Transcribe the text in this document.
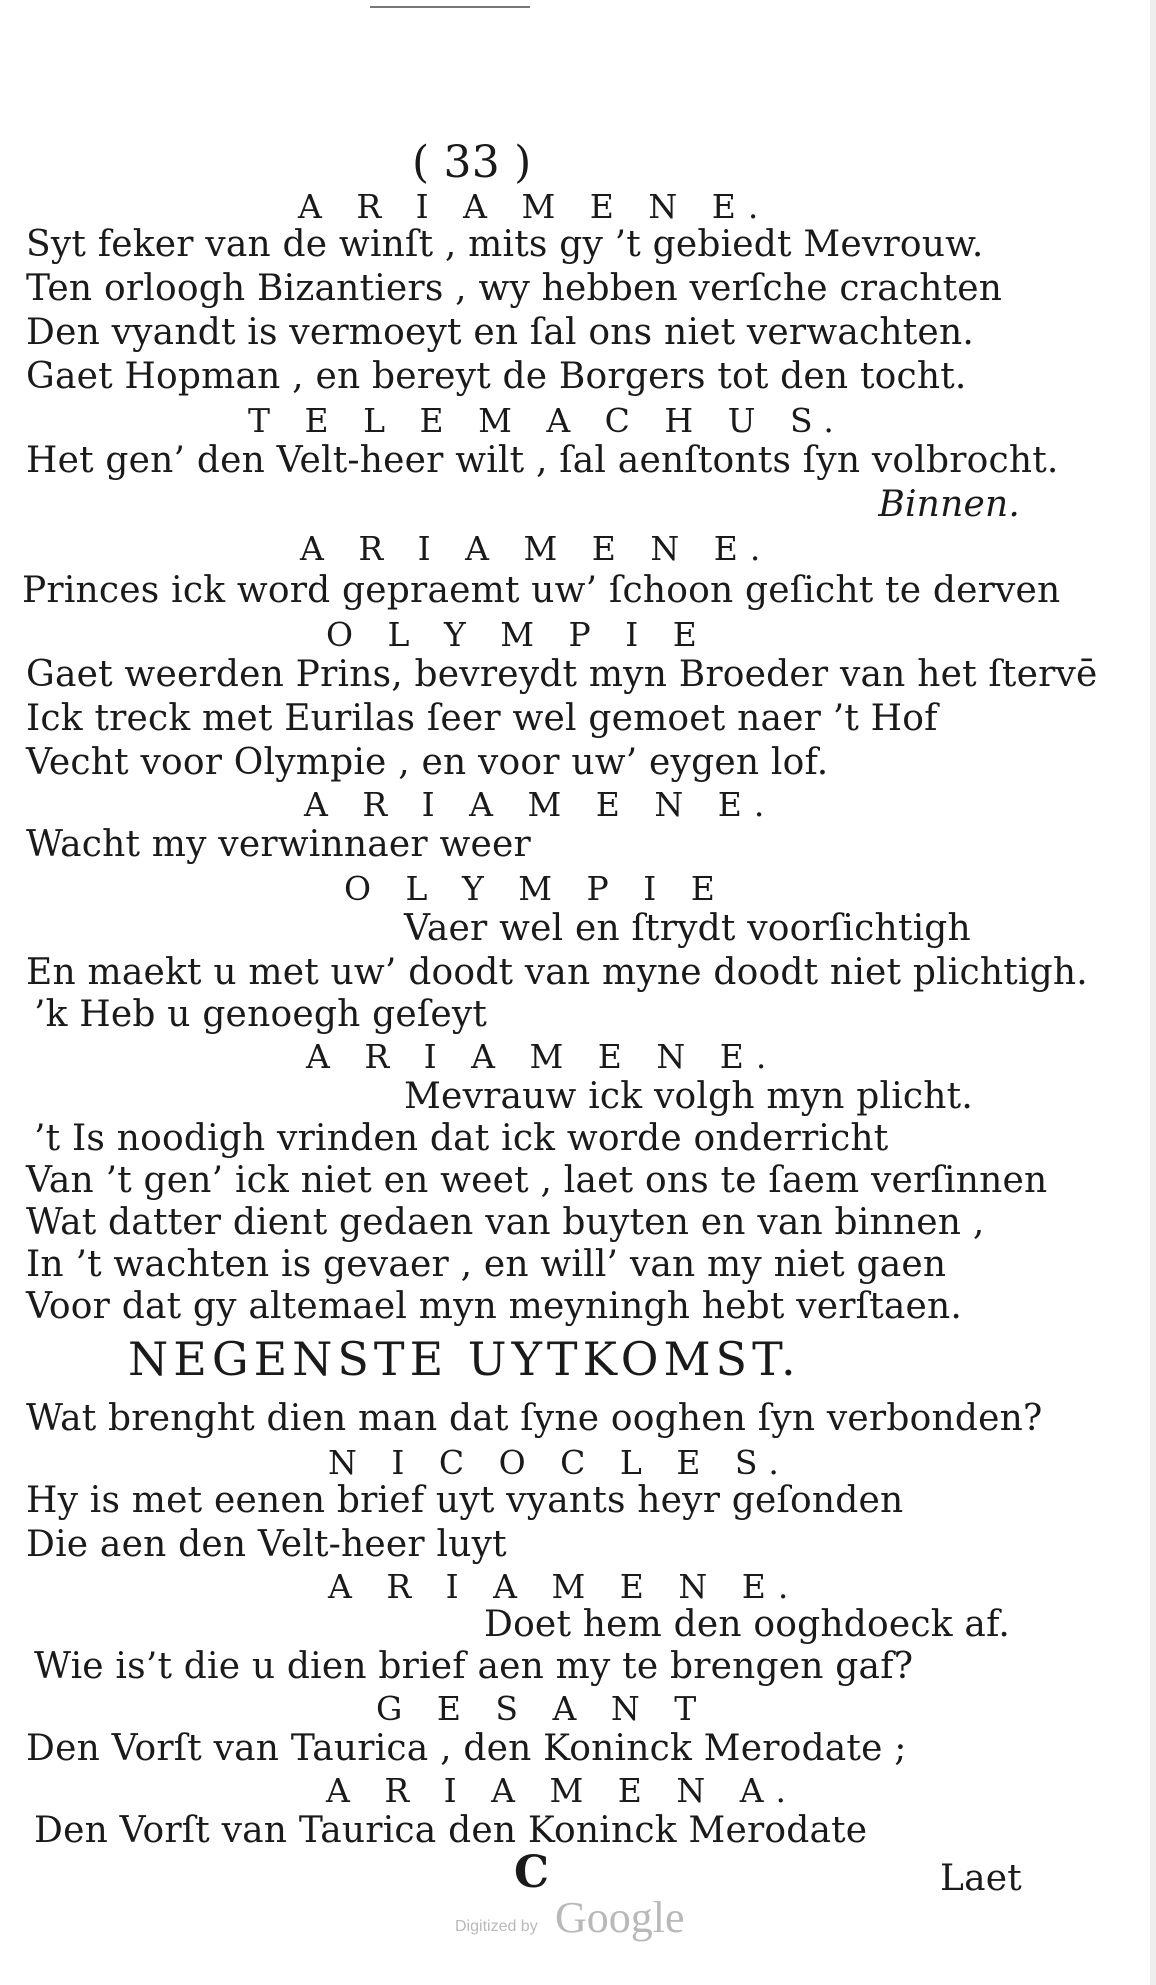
( 33 )
A R I A M E N E.
Syt feker van de winſt , mits gy ’t gebiedt Mevrouw.
Ten orloogh Bizantiers , wy hebben verſche crachten
Den vyandt is vermoeyt en ſal ons niet verwachten.
Gaet Hopman , en bereyt de Borgers tot den tocht.
T E L E M A C H U S.
Het gen’ den Velt-heer wilt , ſal aenſtonts ſyn volbrocht.
Binnen.
A R I A M E N E.
Princes ick word gepraemt uw’ ſchoon geſicht te derven
O L Y M P I E
Gaet weerden Prins, bevreydt myn Broeder van het ſtervē
Ick treck met Eurilas ſeer wel gemoet naer ’t Hof
Vecht voor Olympie , en voor uw’ eygen lof.
A R I A M E N E.
Wacht my verwinnaer weer
O L Y M P I E
Vaer wel en ſtrydt voorſichtigh
En maekt u met uw’ doodt van myne doodt niet plichtigh.
’k Heb u genoegh geſeyt
A R I A M E N E.
Mevrauw ick volgh myn plicht.
’t Is noodigh vrinden dat ick worde onderricht
Van ’t gen’ ick niet en weet , laet ons te ſaem verſinnen
Wat datter dient gedaen van buyten en van binnen ,
In ’t wachten is gevaer , en will’ van my niet gaen
Voor dat gy altemael myn meyningh hebt verſtaen.
NEGENSTE UYTKOMST.
Wat brenght dien man dat ſyne ooghen ſyn verbonden?
N I C O C L E S.
Hy is met eenen brief uyt vyants heyr geſonden
Die aen den Velt-heer luyt
A R I A M E N E.
Doet hem den ooghdoeck af.
Wie is’t die u dien brief aen my te brengen gaf?
G E S A N T
Den Vorſt van Taurica , den Koninck Merodate ;
A R I A M E N A.
Den Vorſt van Taurica den Koninck Merodate
C	Laet
Digitized by Google
